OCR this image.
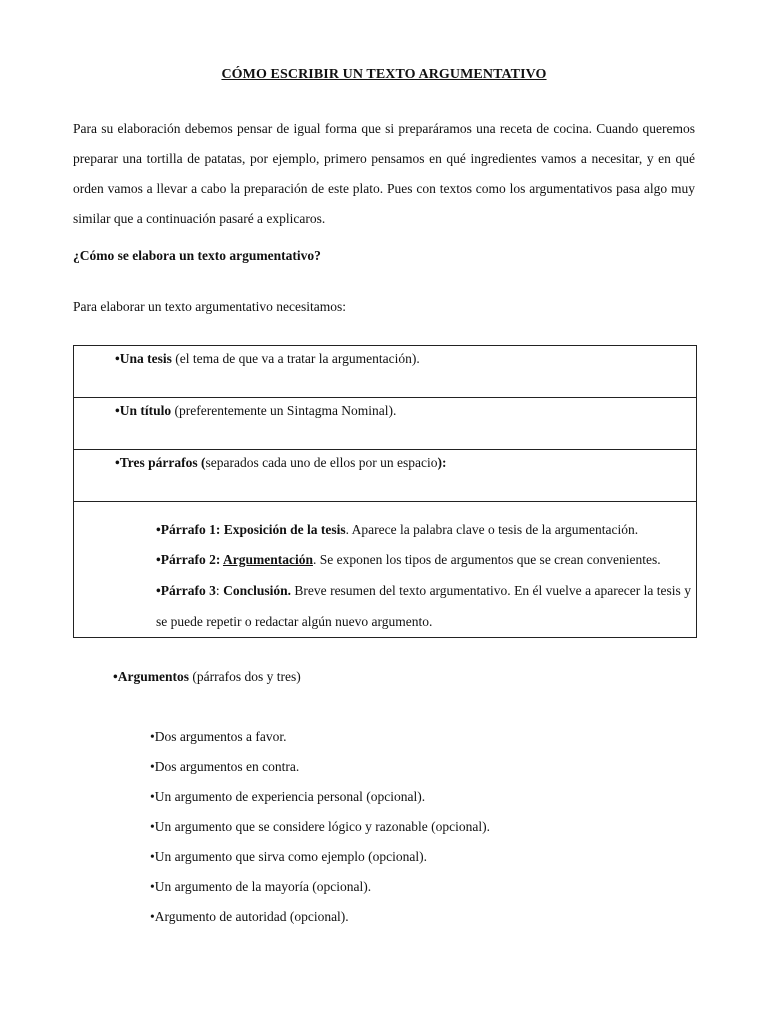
CÓMO ESCRIBIR UN TEXTO ARGUMENTATIVO

Para su elaboración debemos pensar de igual forma que si preparáramos una receta de cocina. Cuando queremos preparar una tortilla de patatas, por ejemplo, primero pensamos en qué ingredientes vamos a necesitar, y en qué orden vamos a llevar a cabo la preparación de este plato. Pues con textos como los argumentativos pasa algo muy similar que a continuación pasaré a explicaros.

¿Cómo se elabora un texto argumentativo?

Para elaborar un texto argumentativo necesitamos:

•Una tesis (el tema de que va a tratar la argumentación).

•Un título (preferentemente un Sintagma Nominal).

•Tres párrafos (separados cada uno de ellos por un espacio):

•Párrafo 1: Exposición de la tesis. Aparece la palabra clave o tesis de la argumentación.
•Párrafo 2: Argumentación. Se exponen los tipos de argumentos que se crean convenientes.
•Párrafo 3: Conclusión. Breve resumen del texto argumentativo. En él vuelve a aparecer la tesis y se puede repetir o redactar algún nuevo argumento.

•Argumentos (párrafos dos y tres)

•Dos argumentos a favor.
•Dos argumentos en contra.
•Un argumento de experiencia personal (opcional).
•Un argumento que se considere lógico y razonable (opcional).
•Un argumento que sirva como ejemplo (opcional).
•Un argumento de la mayoría (opcional).
•Argumento de autoridad (opcional).
